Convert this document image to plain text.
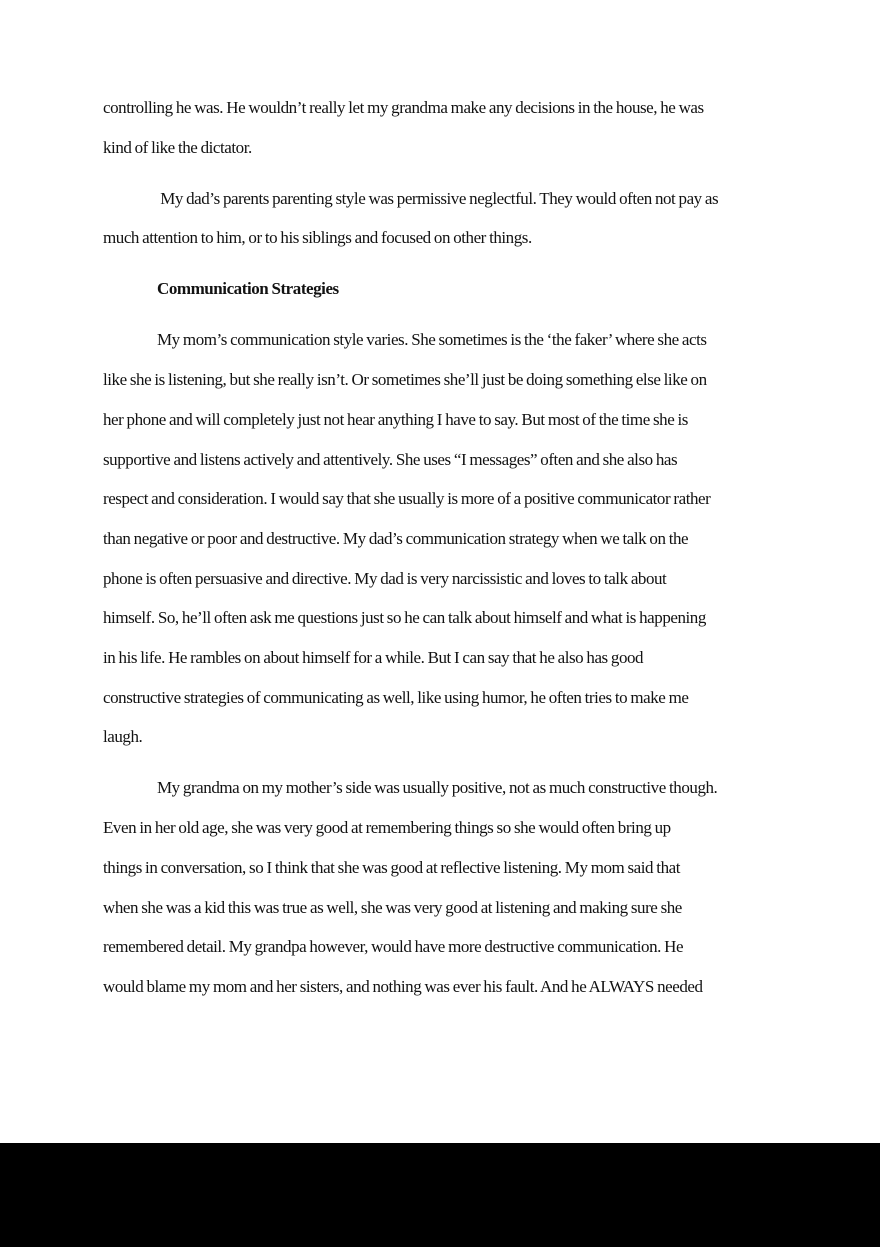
controlling he was. He wouldn’t really let my grandma make any decisions in the house, he was
kind of like the dictator.
My dad’s parents parenting style was permissive neglectful. They would often not pay as
much attention to him, or to his siblings and focused on other things.
Communication Strategies
My mom’s communication style varies. She sometimes is the ‘the faker’ where she acts
like she is listening, but she really isn’t. Or sometimes she’ll just be doing something else like on
her phone and will completely just not hear anything I have to say. But most of the time she is
supportive and listens actively and attentively. She uses “I messages” often and she also has
respect and consideration. I would say that she usually is more of a positive communicator rather
than negative or poor and destructive. My dad’s communication strategy when we talk on the
phone is often persuasive and directive. My dad is very narcissistic and loves to talk about
himself. So, he’ll often ask me questions just so he can talk about himself and what is happening
in his life. He rambles on about himself for a while. But I can say that he also has good
constructive strategies of communicating as well, like using humor, he often tries to make me
laugh.
My grandma on my mother’s side was usually positive, not as much constructive though.
Even in her old age, she was very good at remembering things so she would often bring up
things in conversation, so I think that she was good at reflective listening. My mom said that
when she was a kid this was true as well, she was very good at listening and making sure she
remembered detail. My grandpa however, would have more destructive communication. He
would blame my mom and her sisters, and nothing was ever his fault. And he ALWAYS needed
